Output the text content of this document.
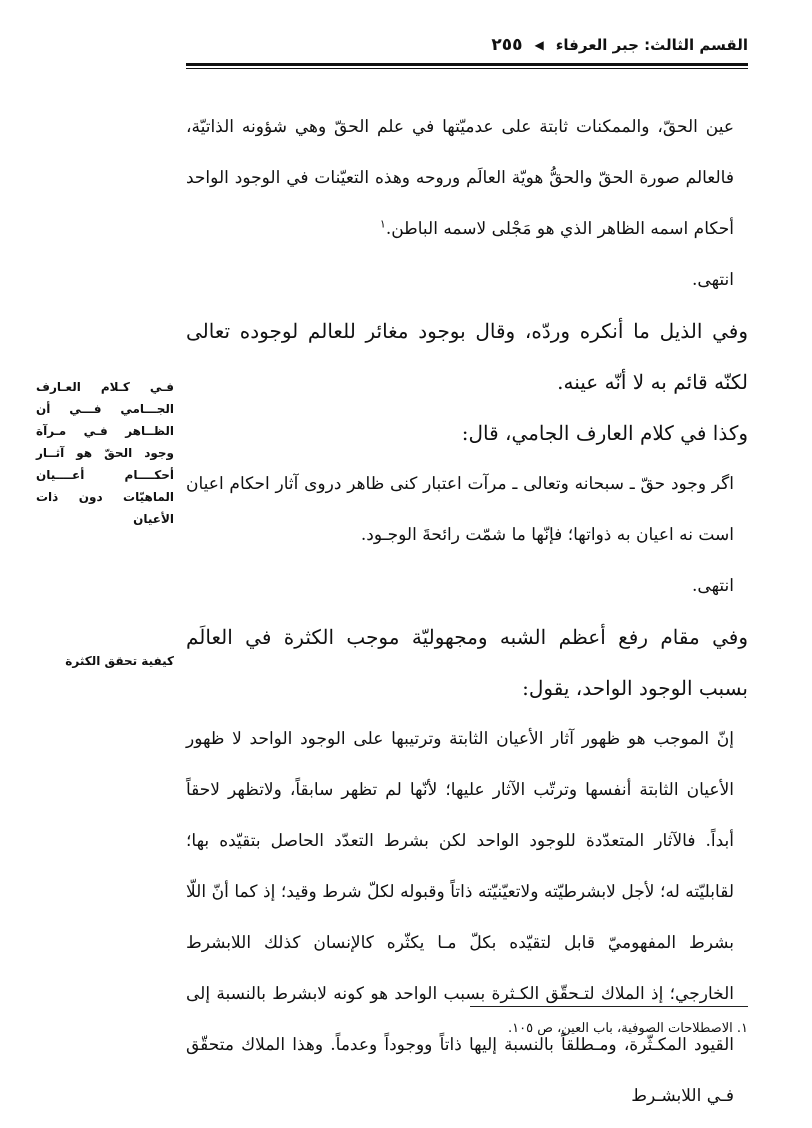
القسم الثالث: جبر العرفاء
◀
٢٥٥

عين الحقّ، والممكنات ثابتة على عدميّتها في علم الحقّ وهي شؤونه الذاتيّة، فالعالم صورة الحقّ والحقُّ هويّة العالَم وروحه وهذه التعيّنات في الوجود الواحد أحكام اسمه الظاهر الذي هو مَجْلى لاسمه الباطن.$^١$

انتهى.

وفي الذيل ما أنكره وردّه، وقال بوجود مغائر للعالم لوجوده تعالى لكنّه قائم به لا أنّه عينه.

وكذا في كلام العارف الجامي، قال:

اگر وجود حقّ ـ سبحانه وتعالى ـ مرآت اعتبار كنى ظاهر دروى آثار احكام اعيان است نه اعيان به ذواتها؛ فإنّها ما شمّت رائحةَ الوجـود.

انتهى.

وفي مقام رفع أعظم الشبه ومجهوليّة موجب الكثرة في العالَم بسبب الوجود الواحد، يقول:

إنّ الموجب هو ظهور آثار الأعيان الثابتة وترتيبها على الوجود الواحد لا ظهور الأعيان الثابتة أنفسها وترتّب الآثار عليها؛ لأنّها لم تظهر سابقاً، ولاتظهر لاحقاً أبداً. فالآثار المتعدّدة للوجود الواحد لكن بشرط التعدّد الحاصل بتقيّده بها؛ لقابليّته له؛ لأجل لابشرطيّته ولاتعيّنيّته ذاتاً وقبوله لكلّ شرط وقيد؛ إذ كما أنّ اللّا بشرط المفهوميّ قابل لتقيّده بكلّ مـا يكثّره كالإنسان كذلك اللابشرط الخارجي؛ إذ الملاك لتـحقّق الكـثرة بسبب الواحد هو كونه لابشرط بالنسبة إلى القيود المكـثّرة، ومـطلقاً بالنسبة إليها ذاتاً ووجوداً وعدماً. وهذا الملاك متحقّق فـي اللابشـرط

فـي كـلام العـارف الجـــامي فـــي أن الظــاهر فـي مـرآة وجود الحقّ هو آثــار أحكــــام أعــــيان الماهيّات دون ذات الأعيان
كيفية تحقق الكثرة
١. الاصطلاحات الصوفية، باب العين، ص ١٠٥.
